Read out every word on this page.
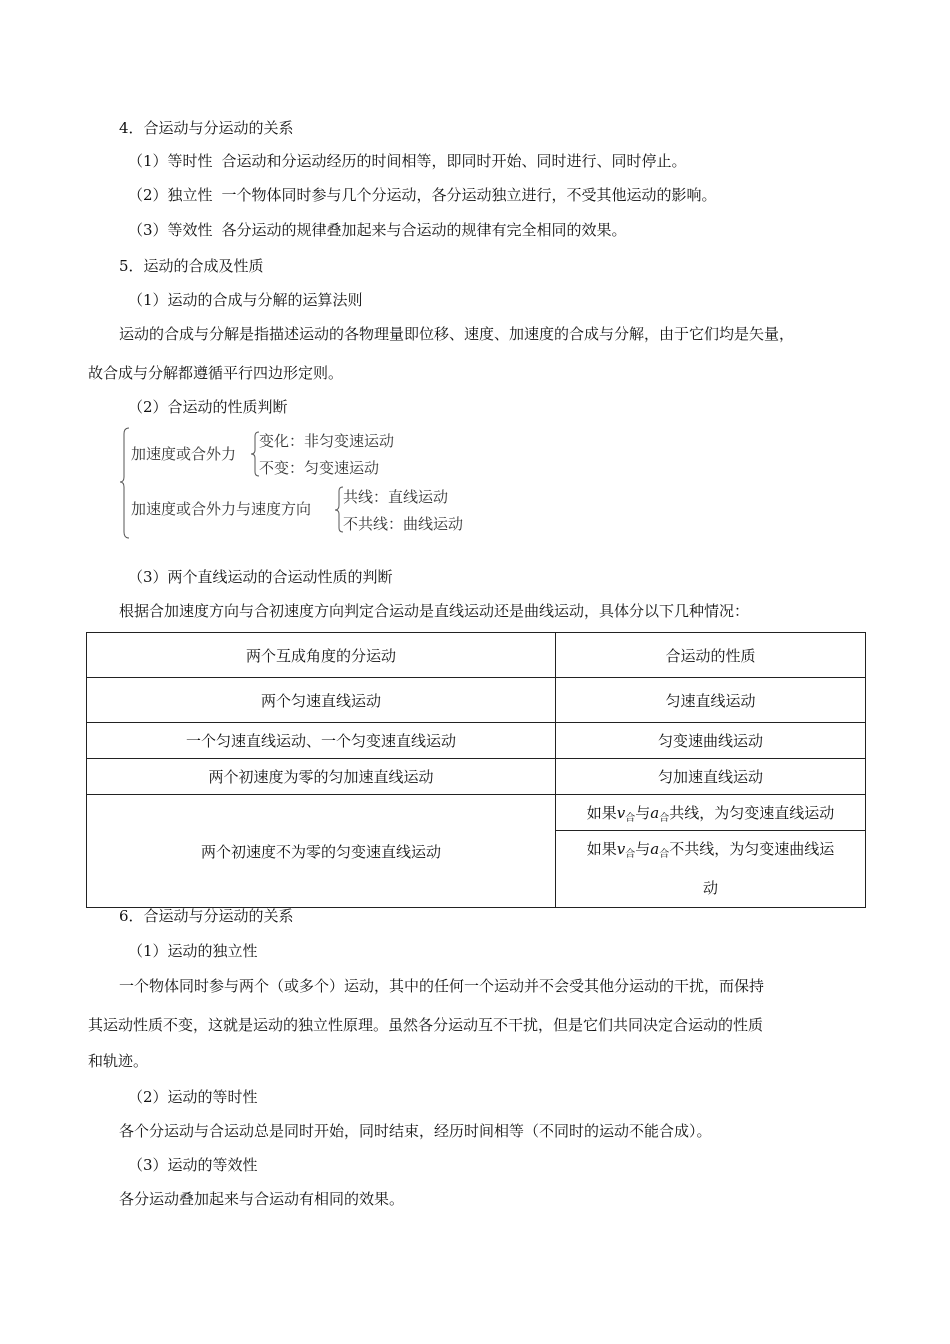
4．合运动与分运动的关系
（1）等时性 合运动和分运动经历的时间相等，即同时开始、同时进行、同时停止。
（2）独立性 一个物体同时参与几个分运动，各分运动独立进行，不受其他运动的影响。
（3）等效性 各分运动的规律叠加起来与合运动的规律有完全相同的效果。
5．运动的合成及性质
（1）运动的合成与分解的运算法则
运动的合成与分解是指描述运动的各物理量即位移、速度、加速度的合成与分解，由于它们均是矢量，
故合成与分解都遵循平行四边形定则。
（2）合运动的性质判断
加速度或合外力
变化：非匀变速运动
不变：匀变速运动
加速度或合外力与速度方向
共线：直线运动
不共线：曲线运动
（3）两个直线运动的合运动性质的判断
根据合加速度方向与合初速度方向判定合运动是直线运动还是曲线运动，具体分以下几种情况：
两个互成角度的分运动	合运动的性质
两个匀速直线运动	匀速直线运动
一个匀速直线运动、一个匀变速直线运动	匀变速曲线运动
两个初速度为零的匀加速直线运动	匀加速直线运动
两个初速度不为零的匀变速直线运动	如果$v_合$与$a_合$共线，为匀变速直线运动
	如果$v_合$与$a_合$不共线，为匀变速曲线运
动
6．合运动与分运动的关系
（1）运动的独立性
一个物体同时参与两个（或多个）运动，其中的任何一个运动并不会受其他分运动的干扰，而保持
其运动性质不变，这就是运动的独立性原理。虽然各分运动互不干扰，但是它们共同决定合运动的性质
和轨迹。
（2）运动的等时性
各个分运动与合运动总是同时开始，同时结束，经历时间相等（不同时的运动不能合成）。
（3）运动的等效性
各分运动叠加起来与合运动有相同的效果。
